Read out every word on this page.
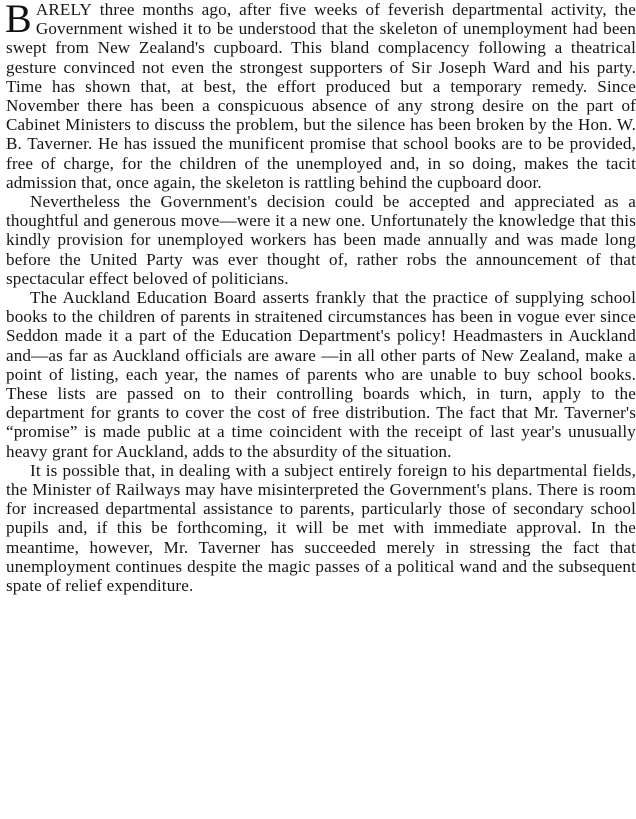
BARELY three months ago, after five weeks of feverish departmental activity, the Government wished it to be understood that the skeleton of unemployment had been swept from New Zealand's cupboard. This bland complacency following a theatrical gesture convinced not even the strongest supporters of Sir Joseph Ward and his party. Time has shown that, at best, the effort produced but a temporary remedy. Since November there has been a conspicuous absence of any strong desire on the part of Cabinet Ministers to discuss the problem, but the silence has been broken by the Hon. W. B. Taverner. He has issued the munificent promise that school books are to be provided, free of charge, for the children of the unemployed and, in so doing, makes the tacit admission that, once again, the skeleton is rattling behind the cupboard door.

Nevertheless the Government's decision could be accepted and appreciated as a thoughtful and generous move—were it a new one. Unfortunately the knowledge that this kindly provision for unemployed workers has been made annually and was made long before the United Party was ever thought of, rather robs the announcement of that spectacular effect beloved of politicians.

The Auckland Education Board asserts frankly that the practice of supplying school books to the children of parents in straitened circumstances has been in vogue ever since Seddon made it a part of the Education Department's policy! Headmasters in Auckland and—as far as Auckland officials are aware —in all other parts of New Zealand, make a point of listing, each year, the names of parents who are unable to buy school books. These lists are passed on to their controlling boards which, in turn, apply to the department for grants to cover the cost of free distribution. The fact that Mr. Taverner's “promise” is made public at a time coincident with the receipt of last year's unusually heavy grant for Auckland, adds to the absurdity of the situation.

It is possible that, in dealing with a subject entirely foreign to his departmental fields, the Minister of Railways may have misinterpreted the Government's plans. There is room for increased departmental assistance to parents, particularly those of secondary school pupils and, if this be forthcoming, it will be met with immediate approval. In the meantime, however, Mr. Taverner has succeeded merely in stressing the fact that unemployment continues despite the magic passes of a political wand and the subsequent spate of relief expenditure.
